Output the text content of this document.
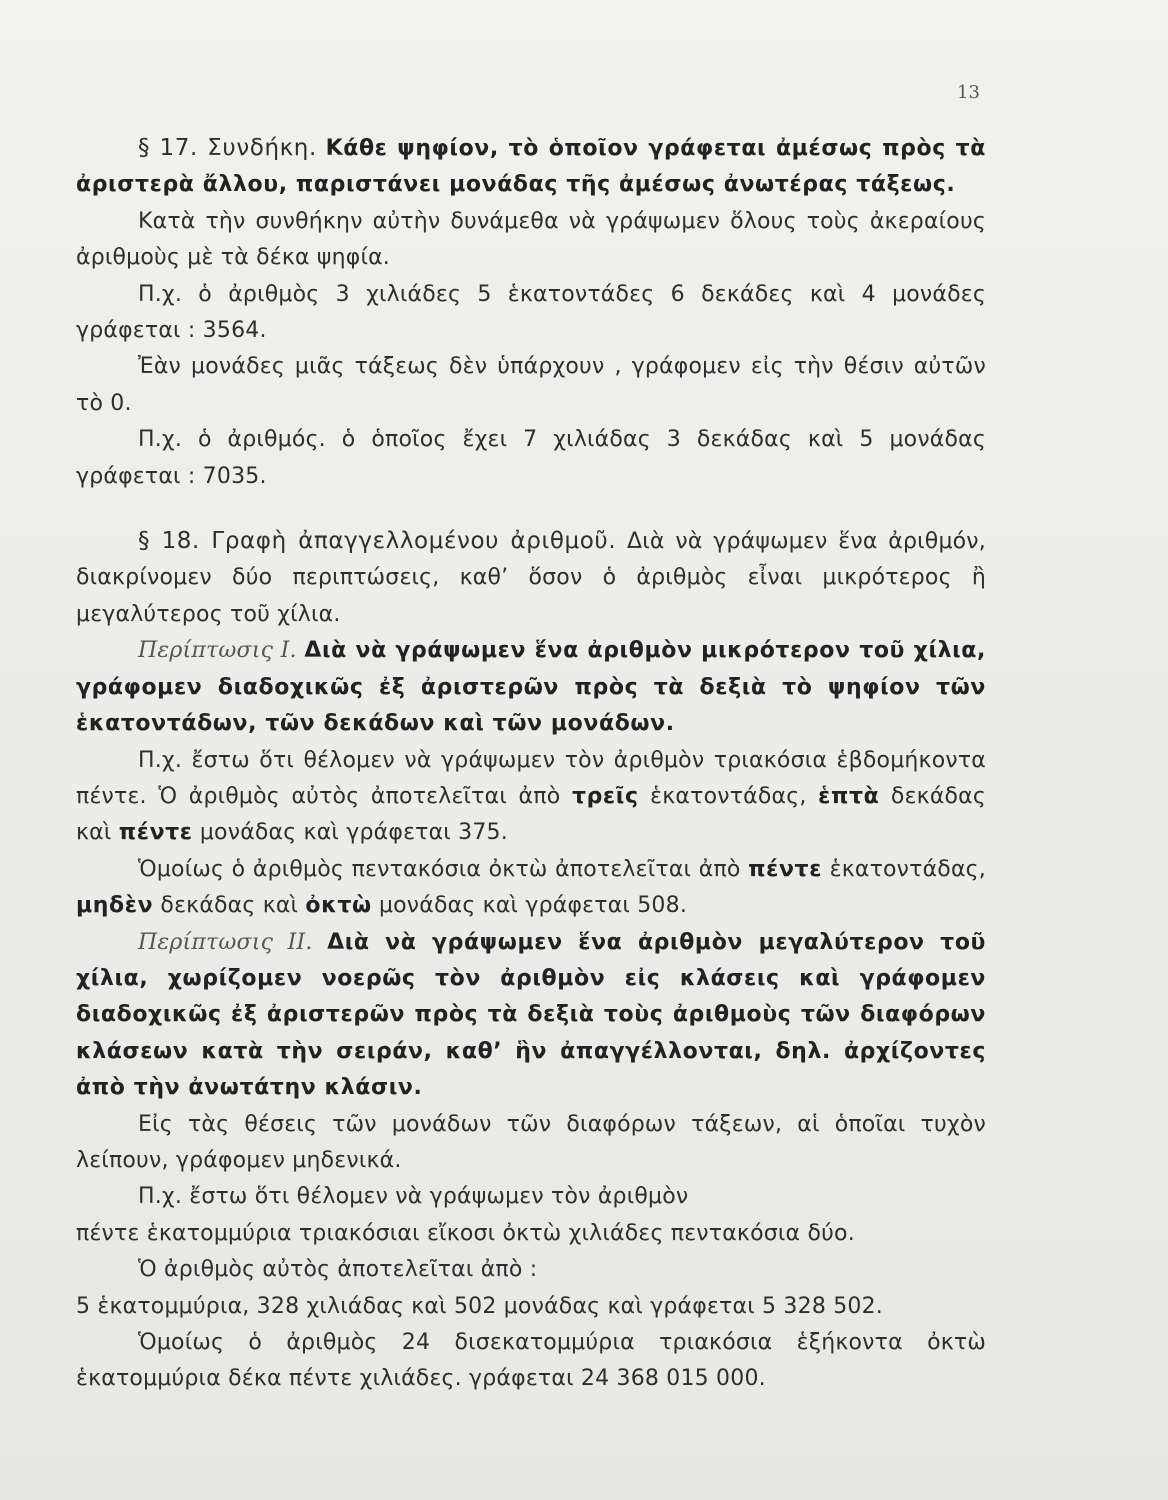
13

§ 17. Συνδήκη. Κάθε ψηφίον, τὸ ὁποῖον γράφεται ἀμέσως πρὸς τὰ ἀριστερὰ ἄλλου, παριστάνει μονάδας τῆς ἀμέσως ἀνωτέρας τάξεως.

Κατὰ τὴν συνθήκην αὐτὴν δυνάμεθα νὰ γράψωμεν ὅλους τοὺς ἀκεραίους ἀριθμοὺς μὲ τὰ δέκα ψηφία.

Π.χ. ὁ ἀριθμὸς 3 χιλιάδες 5 ἑκατοντάδες 6 δεκάδες καὶ 4 μονάδες γράφεται : 3564.

Ἐὰν μονάδες μιᾶς τάξεως δὲν ὑπάρχουν , γράφομεν εἰς τὴν θέσιν αὐτῶν τὸ 0.

Π.χ. ὁ ἀριθμός. ὁ ὁποῖος ἔχει 7 χιλιάδας 3 δεκάδας καὶ 5 μονάδας γράφεται : 7035.

§ 18. Γραφὴ ἀπαγγελλομένου ἀριθμοῦ. Διὰ νὰ γράψωμεν ἕνα ἀριθμόν, διακρίνομεν δύο περιπτώσεις, καθ’ ὅσον ὁ ἀριθμὸς εἶναι μικρότερος ἢ μεγαλύτερος τοῦ χίλια.

Περίπτωσις I. Διὰ νὰ γράψωμεν ἕνα ἀριθμὸν μικρότερον τοῦ χίλια, γράφομεν διαδοχικῶς ἐξ ἀριστερῶν πρὸς τὰ δεξιὰ τὸ ψηφίον τῶν ἑκατοντάδων, τῶν δεκάδων καὶ τῶν μονάδων.

Π.χ. ἔστω ὅτι θέλομεν νὰ γράψωμεν τὸν ἀριθμὸν τριακόσια ἑβδομήκοντα πέντε. Ὁ ἀριθμὸς αὐτὸς ἀποτελεῖται ἀπὸ τρεῖς ἑκατοντάδας, ἑπτὰ δεκάδας καὶ πέντε μονάδας καὶ γράφεται 375.

Ὁμοίως ὁ ἀριθμὸς πεντακόσια ὀκτὼ ἀποτελεῖται ἀπὸ πέντε ἑκατοντάδας, μηδὲν δεκάδας καὶ ὀκτὼ μονάδας καὶ γράφεται 508.

Περίπτωσις II. Διὰ νὰ γράψωμεν ἕνα ἀριθμὸν μεγαλύτερον τοῦ χίλια, χωρίζομεν νοερῶς τὸν ἀριθμὸν εἰς κλάσεις καὶ γράφομεν διαδοχικῶς ἐξ ἀριστερῶν πρὸς τὰ δεξιὰ τοὺς ἀριθμοὺς τῶν διαφόρων κλάσεων κατὰ τὴν σειράν, καθ’ ἣν ἀπαγγέλλονται, δηλ. ἀρχίζοντες ἀπὸ τὴν ἀνωτάτην κλάσιν.

Εἰς τὰς θέσεις τῶν μονάδων τῶν διαφόρων τάξεων, αἱ ὁποῖαι τυχὸν λείπουν, γράφομεν μηδενικά.

Π.χ. ἔστω ὅτι θέλομεν νὰ γράψωμεν τὸν ἀριθμὸν

πέντε ἑκατομμύρια τριακόσιαι εἴκοσι ὀκτὼ χιλιάδες πεντακόσια δύο.

Ὁ ἀριθμὸς αὐτὸς ἀποτελεῖται ἀπὸ :

5 ἑκατομμύρια, 328 χιλιάδας καὶ 502 μονάδας καὶ γράφεται 5 328 502.

Ὁμοίως ὁ ἀριθμὸς 24 δισεκατομμύρια τριακόσια ἑξήκοντα ὀκτὼ ἑκατομμύρια δέκα πέντε χιλιάδες. γράφεται 24 368 015 000.
